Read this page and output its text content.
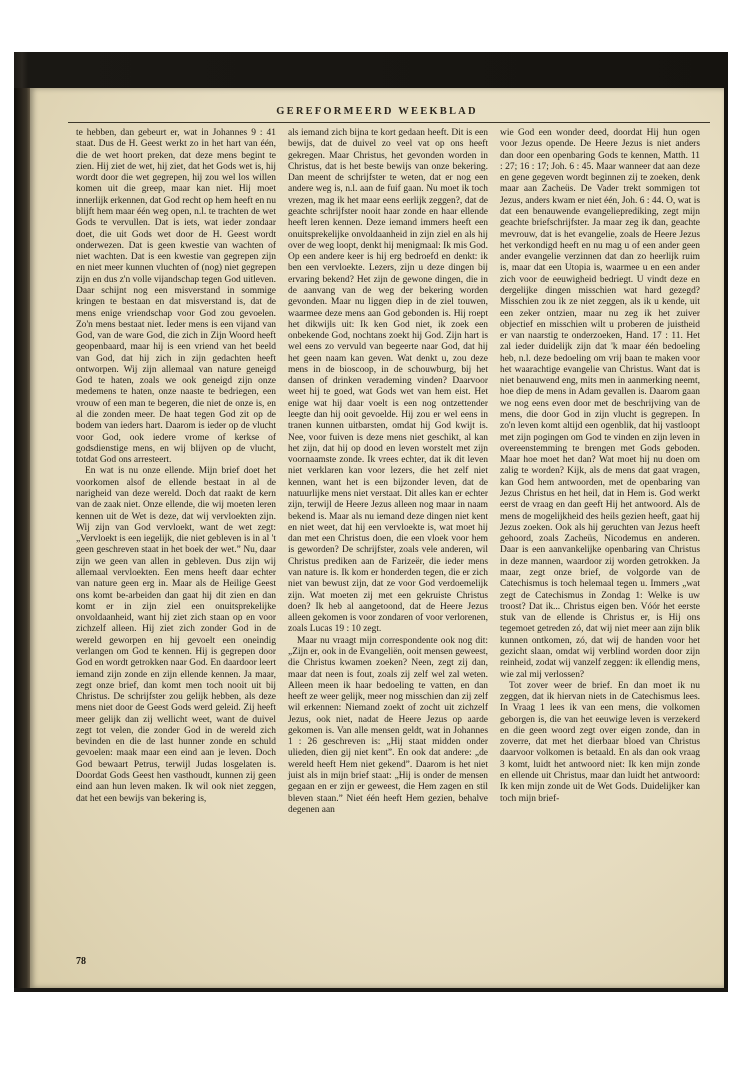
GEREFORMEERD WEEKBLAD

te hebben, dan gebeurt er, wat in Johannes 9 : 41 staat. Dus de H. Geest werkt zo in het hart van één, die de wet hoort preken, dat deze mens begint te zien. Hij ziet de wet, hij ziet, dat het Gods wet is, hij wordt door die wet gegrepen, hij zou wel los willen komen uit die greep, maar kan niet. Hij moet innerlijk erkennen, dat God recht op hem heeft en nu blijft hem maar één weg open, n.l. te trachten de wet Gods te vervullen. Dat is iets, wat ieder zondaar doet, die uit Gods wet door de H. Geest wordt onderwezen. Dat is geen kwestie van wachten of niet wachten. Dat is een kwestie van gegrepen zijn en niet meer kunnen vluchten of (nog) niet gegrepen zijn en dus z'n volle vijandschap tegen God uitleven. Daar schijnt nog een misverstand in sommige kringen te bestaan en dat misverstand is, dat de mens enige vriendschap voor God zou gevoelen. Zo'n mens bestaat niet. Ieder mens is een vijand van God, van de ware God, die zich in Zijn Woord heeft geopenbaard, maar hij is een vriend van het beeld van God, dat hij zich in zijn gedachten heeft ontworpen. Wij zijn allemaal van nature geneigd God te haten, zoals we ook geneigd zijn onze medemens te haten, onze naaste te bedriegen, een vrouw of een man te begeren, die niet de onze is, en al die zonden meer. De haat tegen God zit op de bodem van ieders hart. Daarom is ieder op de vlucht voor God, ook iedere vrome of kerkse of godsdienstige mens, en wij blijven op de vlucht, totdat God ons arresteert.

En wat is nu onze ellende. Mijn brief doet het voorkomen alsof de ellende bestaat in al de narigheid van deze wereld. Doch dat raakt de kern van de zaak niet. Onze ellende, die wij moeten leren kennen uit de Wet is deze, dat wij vervloekten zijn. Wij zijn van God vervloekt, want de wet zegt: „Vervloekt is een iegelijk, die niet gebleven is in al 't geen geschreven staat in het boek der wet.” Nu, daar zijn we geen van allen in gebleven. Dus zijn wij allemaal vervloekten. Een mens heeft daar echter van nature geen erg in. Maar als de Heilige Geest ons komt be-arbeiden dan gaat hij dit zien en dan komt er in zijn ziel een onuitsprekelijke onvoldaanheid, want hij ziet zich staan op en voor zichzelf alleen. Hij ziet zich zonder God in de wereld geworpen en hij gevoelt een oneindig verlangen om God te kennen. Hij is gegrepen door God en wordt getrokken naar God. En daardoor leert iemand zijn zonde en zijn ellende kennen. Ja maar, zegt onze brief, dan komt men toch nooit uit bij Christus. De schrijfster zou gelijk hebben, als deze mens niet door de Geest Gods werd geleid. Zij heeft meer gelijk dan zij wellicht weet, want de duivel zegt tot velen, die zonder God in de wereld zich bevinden en die de last hunner zonde en schuld gevoelen: maak maar een eind aan je leven. Doch God bewaart Petrus, terwijl Judas losgelaten is. Doordat Gods Geest hen vasthoudt, kunnen zij geen eind aan hun leven maken. Ik wil ook niet zeggen, dat het een bewijs van bekering is,

als iemand zich bijna te kort gedaan heeft. Dit is een bewijs, dat de duivel zo veel vat op ons heeft gekregen. Maar Christus, het gevonden worden in Christus, dat is het beste bewijs van onze bekering. Dan meent de schrijfster te weten, dat er nog een andere weg is, n.l. aan de fuif gaan. Nu moet ik toch vrezen, mag ik het maar eens eerlijk zeggen?, dat de geachte schrijfster nooit haar zonde en haar ellende heeft leren kennen. Deze iemand immers heeft een onuitsprekelijke onvoldaanheid in zijn ziel en als hij over de weg loopt, denkt hij menigmaal: Ik mis God. Op een andere keer is hij erg bedroefd en denkt: ik ben een vervloekte. Lezers, zijn u deze dingen bij ervaring bekend? Het zijn de gewone dingen, die in de aanvang van de weg der bekering worden gevonden. Maar nu liggen diep in de ziel touwen, waarmee deze mens aan God gebonden is. Hij roept het dikwijls uit: Ik ken God niet, ik zoek een onbekende God, nochtans zoekt hij God. Zijn hart is wel eens zo vervuld van begeerte naar God, dat hij het geen naam kan geven. Wat denkt u, zou deze mens in de bioscoop, in de schouwburg, bij het dansen of drinken verademing vinden? Daarvoor weet hij te goed, wat Gods wet van hem eist. Het enige wat hij daar voelt is een nog ontzettender leegte dan hij ooit gevoelde. Hij zou er wel eens in tranen kunnen uitbarsten, omdat hij God kwijt is. Nee, voor fuiven is deze mens niet geschikt, al kan het zijn, dat hij op dood en leven worstelt met zijn voornaamste zonde. Ik vrees echter, dat ik dit leven niet verklaren kan voor lezers, die het zelf niet kennen, want het is een bijzonder leven, dat de natuurlijke mens niet verstaat. Dit alles kan er echter zijn, terwijl de Heere Jezus alleen nog maar in naam bekend is. Maar als nu iemand deze dingen niet kent en niet weet, dat hij een vervloekte is, wat moet hij dan met een Christus doen, die een vloek voor hem is geworden? De schrijfster, zoals vele anderen, wil Christus prediken aan de Farizeër, die ieder mens van nature is. Ik kom er honderden tegen, die er zich niet van bewust zijn, dat ze voor God verdoemelijk zijn. Wat moeten zij met een gekruiste Christus doen? Ik heb al aangetoond, dat de Heere Jezus alleen gekomen is voor zondaren of voor verlorenen, zoals Lucas 19 : 10 zegt.

Maar nu vraagt mijn correspondente ook nog dit: „Zijn er, ook in de Evangeliën, ooit mensen geweest, die Christus kwamen zoeken? Neen, zegt zij dan, maar dat neen is fout, zoals zij zelf wel zal weten. Alleen meen ik haar bedoeling te vatten, en dan heeft ze weer gelijk, meer nog misschien dan zij zelf wil erkennen: Niemand zoekt of zocht uit zichzelf Jezus, ook niet, nadat de Heere Jezus op aarde gekomen is. Van alle mensen geldt, wat in Johannes 1 : 26 geschreven is: „Hij staat midden onder ulieden, dien gij niet kent”. En ook dat andere: „de wereld heeft Hem niet gekend”. Daarom is het niet juist als in mijn brief staat: „Hij is onder de mensen gegaan en er zijn er geweest, die Hem zagen en stil bleven staan.” Niet één heeft Hem gezien, behalve degenen aan

wie God een wonder deed, doordat Hij hun ogen voor Jezus opende. De Heere Jezus is niet anders dan door een openbaring Gods te kennen, Matth. 11 : 27; 16 : 17; Joh. 6 : 45. Maar wanneer dat aan deze en gene gegeven wordt beginnen zij te zoeken, denk maar aan Zacheüs. De Vader trekt sommigen tot Jezus, anders kwam er niet één, Joh. 6 : 44. O, wat is dat een benauwende evangelieprediking, zegt mijn geachte briefschrijfster. Ja maar zeg ik dan, geachte mevrouw, dat is het evangelie, zoals de Heere Jezus het verkondigd heeft en nu mag u of een ander geen ander evangelie verzinnen dat dan zo heerlijk ruim is, maar dat een Utopia is, waarmee u en een ander zich voor de eeuwigheid bedriegt. U vindt deze en dergelijke dingen misschien wat hard gezegd? Misschien zou ik ze niet zeggen, als ik u kende, uit een zeker ontzien, maar nu zeg ik het zuiver objectief en misschien wilt u proberen de juistheid er van naarstig te onderzoeken, Hand. 17 : 11. Het zal ieder duidelijk zijn dat 'k maar één bedoeling heb, n.l. deze bedoeling om vrij baan te maken voor het waarachtige evangelie van Christus. Want dat is niet benauwend eng, mits men in aanmerking neemt, hoe diep de mens in Adam gevallen is. Daarom gaan we nog eens even door met de beschrijving van de mens, die door God in zijn vlucht is gegrepen. In zo'n leven komt altijd een ogenblik, dat hij vastloopt met zijn pogingen om God te vinden en zijn leven in overeenstemming te brengen met Gods geboden. Maar hoe moet het dan? Wat moet hij nu doen om zalig te worden? Kijk, als de mens dat gaat vragen, kan God hem antwoorden, met de openbaring van Jezus Christus en het heil, dat in Hem is. God werkt eerst de vraag en dan geeft Hij het antwoord. Als de mens de mogelijkheid des heils gezien heeft, gaat hij Jezus zoeken. Ook als hij geruchten van Jezus heeft gehoord, zoals Zacheüs, Nicodemus en anderen. Daar is een aanvankelijke openbaring van Christus in deze mannen, waardoor zij worden getrokken. Ja maar, zegt onze brief, de volgorde van de Catechismus is toch helemaal tegen u. Immers „wat zegt de Catechismus in Zondag 1: Welke is uw troost? Dat ik... Christus eigen ben. Vóór het eerste stuk van de ellende is Christus er, is Hij ons tegemoet getreden zó, dat wij niet meer aan zijn blik kunnen ontkomen, zó, dat wij de handen voor het gezicht slaan, omdat wij verblind worden door zijn reinheid, zodat wij vanzelf zeggen: ik ellendig mens, wie zal mij verlossen?

Tot zover weer de brief. En dan moet ik nu zeggen, dat ik hiervan niets in de Catechismus lees. In Vraag 1 lees ik van een mens, die volkomen geborgen is, die van het eeuwige leven is verzekerd en die geen woord zegt over eigen zonde, dan in zoverre, dat met het dierbaar bloed van Christus daarvoor volkomen is betaald. En als dan ook vraag 3 komt, luidt het antwoord niet: Ik ken mijn zonde en ellende uit Christus, maar dan luidt het antwoord: Ik ken mijn zonde uit de Wet Gods. Duidelijker kan toch mijn brief-

78
